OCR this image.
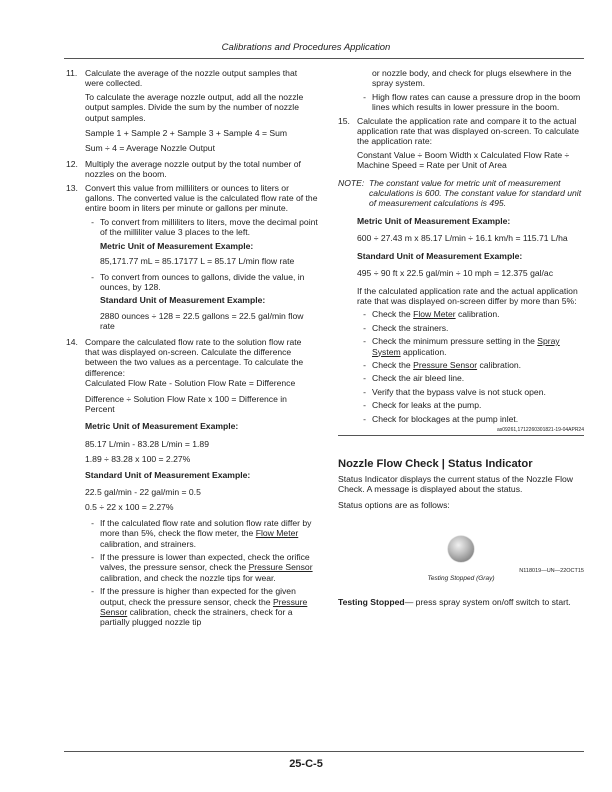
Calibrations and Procedures Application
11. Calculate the average of the nozzle output samples that were collected.

To calculate the average nozzle output, add all the nozzle output samples. Divide the sum by the number of nozzle output samples.

Sample 1 + Sample 2 + Sample 3 + Sample 4 = Sum

Sum ÷ 4 = Average Nozzle Output

12. Multiply the average nozzle output by the total number of nozzles on the boom.
13. Convert this value from milliliters or ounces to liters or gallons. The converted value is the calculated flow rate of the entire boom in liters per minute or gallons per minute.
- To convert from milliliters to liters, move the decimal point of the milliliter value 3 places to the left.

Metric Unit of Measurement Example:

85,171.77 mL = 85.17177 L = 85.17 L/min flow rate

- To convert from ounces to gallons, divide the value, in ounces, by 128.

Standard Unit of Measurement Example:

2880 ounces ÷ 128 = 22.5 gallons = 22.5 gal/min flow rate

14. Compare the calculated flow rate to the solution flow rate that was displayed on-screen. Calculate the difference between the two values as a percentage. To calculate the difference:

Calculated Flow Rate - Solution Flow Rate = Difference

Difference ÷ Solution Flow Rate x 100 = Difference in Percent

Metric Unit of Measurement Example:

85.17 L/min - 83.28 L/min = 1.89

1.89 ÷ 83.28 x 100 = 2.27%

Standard Unit of Measurement Example:

22.5 gal/min - 22 gal/min = 0.5

0.5 ÷ 22 x 100 = 2.27%

- If the calculated flow rate and solution flow rate differ by more than 5%, check the flow meter, the Flow Meter calibration, and strainers.
- If the pressure is lower than expected, check the orifice valves, the pressure sensor, check the Pressure Sensor calibration, and check the nozzle tips for wear.
- If the pressure is higher than expected for the given output, check the pressure sensor, check the Pressure Sensor calibration, check the strainers, check for a partially plugged nozzle tip

or nozzle body, and check for plugs elsewhere in the spray system.

- High flow rates can cause a pressure drop in the boom lines which results in lower pressure in the boom.
15. Calculate the application rate and compare it to the actual application rate that was displayed on-screen. To calculate the application rate:

Constant Value ÷ Boom Width x Calculated Flow Rate ÷ Machine Speed = Rate per Unit of Area

NOTE: The constant value for metric unit of measurement calculations is 600. The constant value for standard unit of measurement calculations is 495.

Metric Unit of Measurement Example:

600 ÷ 27.43 m x 85.17 L/min ÷ 16.1 km/h = 115.71 L/ha

Standard Unit of Measurement Example:

495 ÷ 90 ft x 22.5 gal/min ÷ 10 mph = 12.375 gal/ac

If the calculated application rate and the actual application rate that was displayed on-screen differ by more than 5%:

- Check the Flow Meter calibration.
- Check the strainers.
- Check the minimum pressure setting in the Spray System application.
- Check the Pressure Sensor calibration.
- Check the air bleed line.
- Verify that the bypass valve is not stuck open.
- Check for leaks at the pump.
- Check for blockages at the pump inlet.

as09261,1712260301821-19-04APR24

Nozzle Flow Check | Status Indicator

Status Indicator displays the current status of the Nozzle Flow Check. A message is displayed about the status.

Status options are as follows:

N118019—UN—22OCT15

Testing Stopped (Gray)

Testing Stopped— press spray system on/off switch to start.

25-C-5
